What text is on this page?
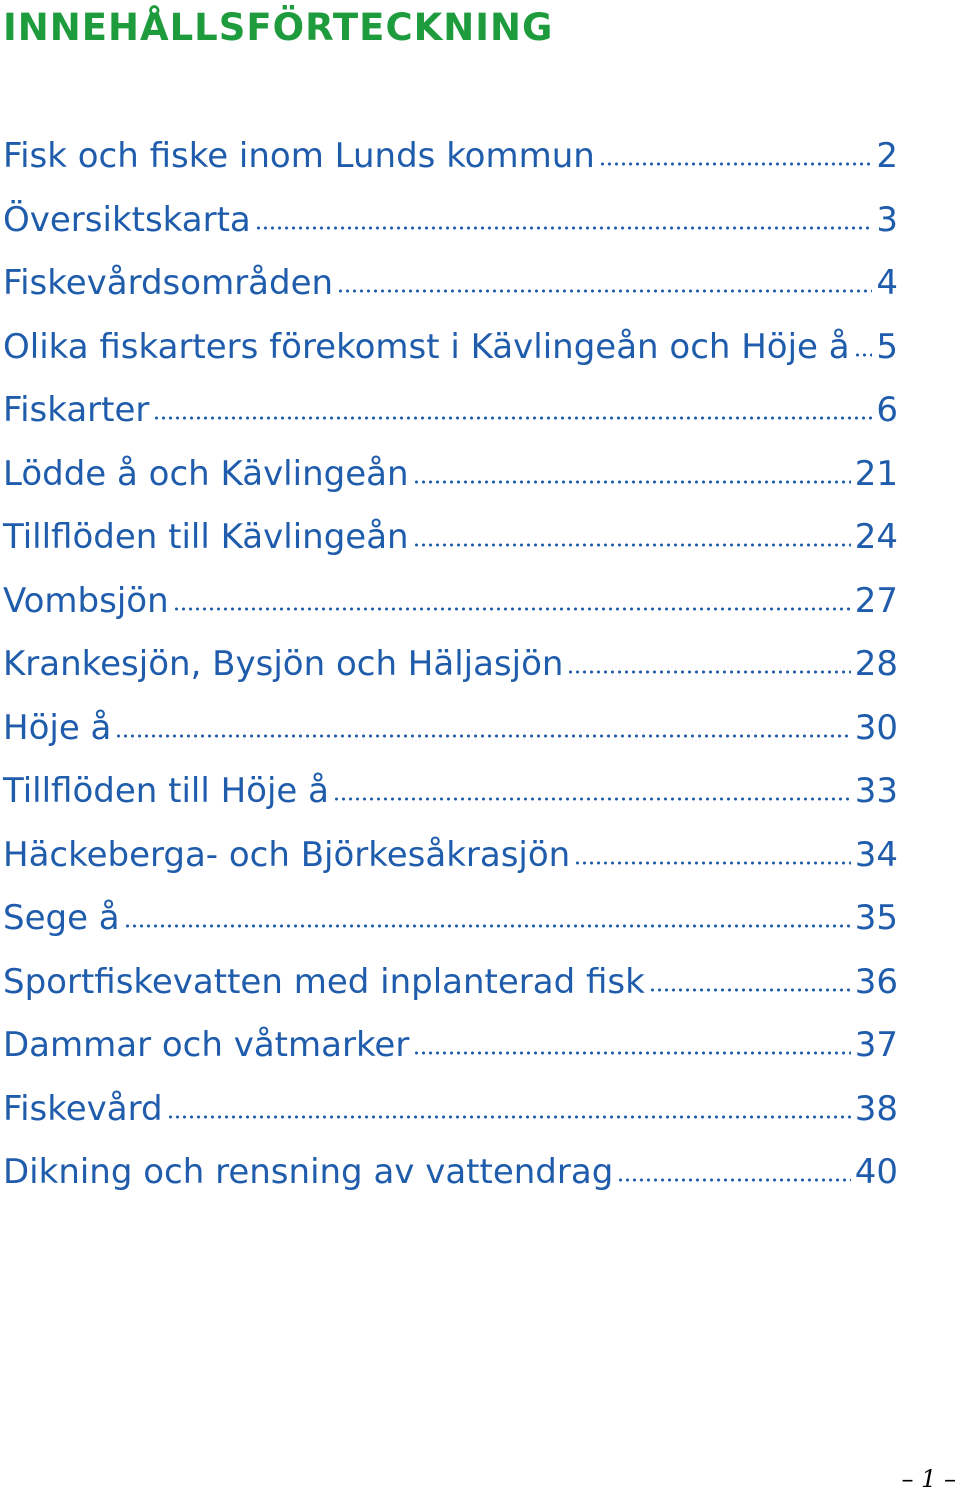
INNEHÅLLSFÖRTECKNING
Fisk och fiske inom Lunds kommun	2
Översiktskarta	3
Fiskevårdsområden	4
Olika fiskarters förekomst i Kävlingeån och Höje å 5
Fiskarter	6
Lödde å och Kävlingeån	21
Tillflöden till Kävlingeån	24
Vombsjön	27
Krankesjön, Bysjön och Häljasjön	28
Höje å	30
Tillflöden till Höje å	33
Häckeberga- och Björkesåkrasjön	34
Sege å	35
Sportfiskevatten med inplanterad fisk	36
Dammar och våtmarker	37
Fiskevård	38
Dikning och rensning av vattendrag	40
– 1 –
